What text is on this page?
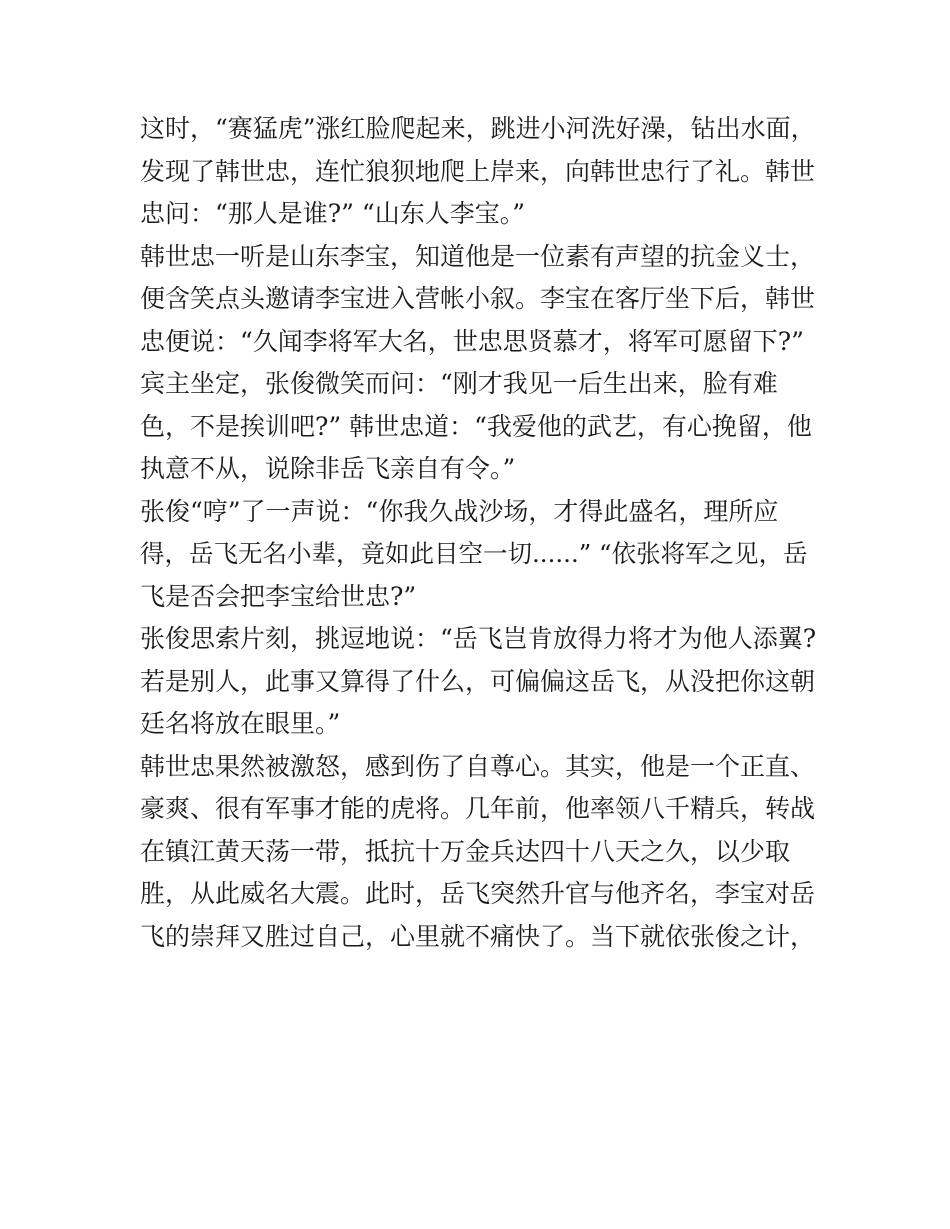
这时，“赛猛虎”涨红脸爬起来，跳进小河洗好澡，钻出水面，
发现了韩世忠，连忙狼狈地爬上岸来，向韩世忠行了礼。韩世
忠问：“那人是谁?” “山东人李宝。”
韩世忠一听是山东李宝，知道他是一位素有声望的抗金义士，
便含笑点头邀请李宝进入营帐小叙。李宝在客厅坐下后，韩世
忠便说：“久闻李将军大名，世忠思贤慕才，将军可愿留下?”
宾主坐定，张俊微笑而问：“刚才我见一后生出来，脸有难
色，不是挨训吧?” 韩世忠道：“我爱他的武艺，有心挽留，他
执意不从，说除非岳飞亲自有令。”
张俊“哼”了一声说：“你我久战沙场，才得此盛名，理所应
得，岳飞无名小辈，竟如此目空一切......” “依张将军之见，岳
飞是否会把李宝给世忠?”
张俊思索片刻，挑逗地说：“岳飞岂肯放得力将才为他人添翼?
若是别人，此事又算得了什么，可偏偏这岳飞，从没把你这朝
廷名将放在眼里。”
韩世忠果然被激怒，感到伤了自尊心。其实，他是一个正直、
豪爽、很有军事才能的虎将。几年前，他率领八千精兵，转战
在镇江黄天荡一带，抵抗十万金兵达四十八天之久，以少取
胜，从此威名大震。此时，岳飞突然升官与他齐名，李宝对岳
飞的崇拜又胜过自己，心里就不痛快了。当下就依张俊之计，
